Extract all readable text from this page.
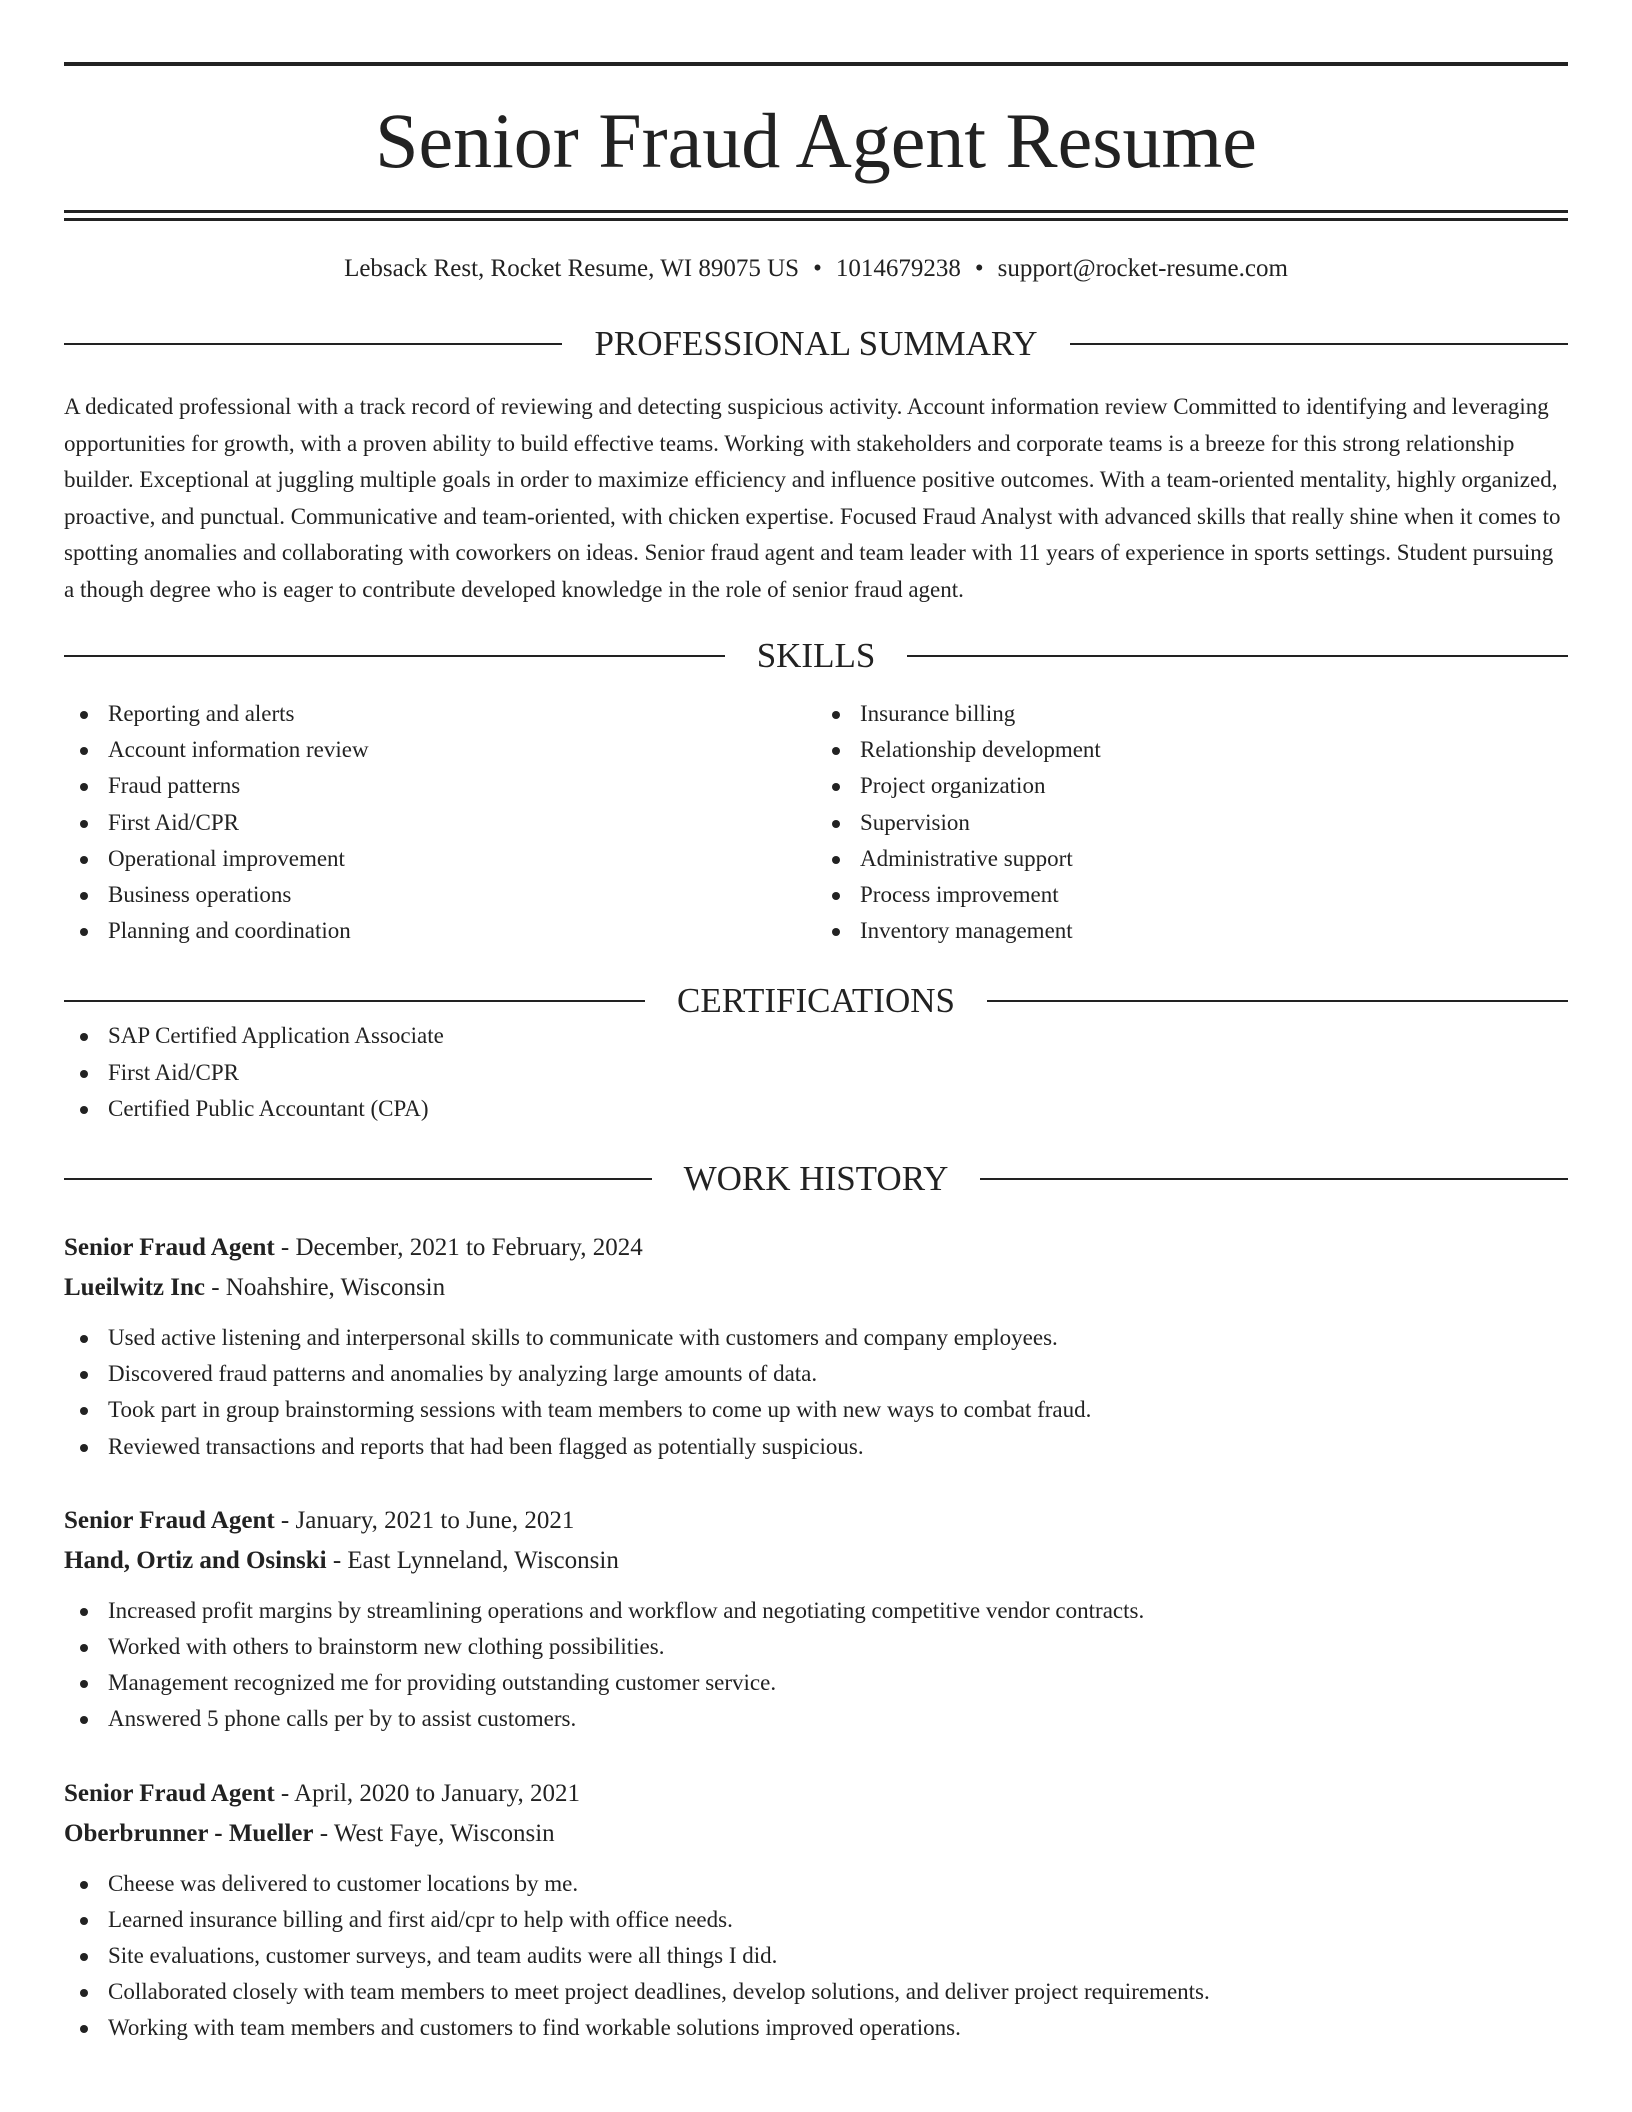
Senior Fraud Agent Resume
Lebsack Rest, Rocket Resume, WI 89075 US • 1014679238 • support@rocket-resume.com
PROFESSIONAL SUMMARY

A dedicated professional with a track record of reviewing and detecting suspicious activity. Account information review Committed to identifying and leveraging opportunities for growth, with a proven ability to build effective teams. Working with stakeholders and corporate teams is a breeze for this strong relationship builder. Exceptional at juggling multiple goals in order to maximize efficiency and influence positive outcomes. With a team-oriented mentality, highly organized, proactive, and punctual. Communicative and team-oriented, with chicken expertise. Focused Fraud Analyst with advanced skills that really shine when it comes to spotting anomalies and collaborating with coworkers on ideas. Senior fraud agent and team leader with 11 years of experience in sports settings. Student pursuing a though degree who is eager to contribute developed knowledge in the role of senior fraud agent.

SKILLS
Reporting and alerts
Account information review
Fraud patterns
First Aid/CPR
Operational improvement
Business operations
Planning and coordination
Insurance billing
Relationship development
Project organization
Supervision
Administrative support
Process improvement
Inventory management
CERTIFICATIONS
SAP Certified Application Associate
First Aid/CPR
Certified Public Accountant (CPA)
WORK HISTORY
Senior Fraud Agent - December, 2021 to February, 2024
Lueilwitz Inc - Noahshire, Wisconsin
Used active listening and interpersonal skills to communicate with customers and company employees.
Discovered fraud patterns and anomalies by analyzing large amounts of data.
Took part in group brainstorming sessions with team members to come up with new ways to combat fraud.
Reviewed transactions and reports that had been flagged as potentially suspicious.
Senior Fraud Agent - January, 2021 to June, 2021
Hand, Ortiz and Osinski - East Lynneland, Wisconsin
Increased profit margins by streamlining operations and workflow and negotiating competitive vendor contracts.
Worked with others to brainstorm new clothing possibilities.
Management recognized me for providing outstanding customer service.
Answered 5 phone calls per by to assist customers.
Senior Fraud Agent - April, 2020 to January, 2021
Oberbrunner - Mueller - West Faye, Wisconsin
Cheese was delivered to customer locations by me.
Learned insurance billing and first aid/cpr to help with office needs.
Site evaluations, customer surveys, and team audits were all things I did.
Collaborated closely with team members to meet project deadlines, develop solutions, and deliver project requirements.
Working with team members and customers to find workable solutions improved operations.
